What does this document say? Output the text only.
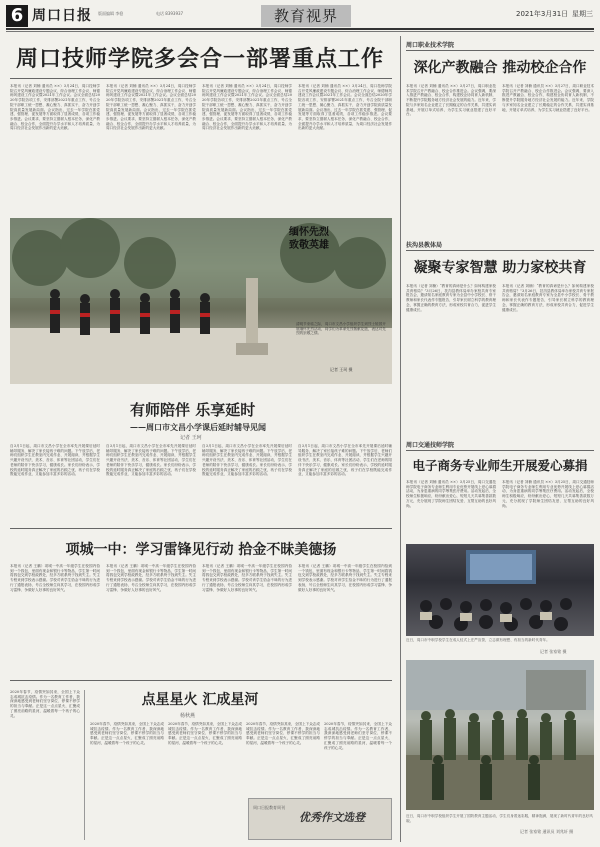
6 周口日报 版面编辑 李稳	电话 8393937	教育视界	2021年3月31日 星期三
周口技师学院多会合一部署重点工作
本报讯（记者 刘楠 通讯员 ××）3月24日，周口技师学院召开党风廉政建设专题会议、综合治理工作会议、师德师风建设工作会议暨2021年工作会议。会议全面总结2020年学院各项工作，安排部署2021年重点工作，号召全院干部职工统一思想、凝心聚力、真抓实干，奋力开创学院高质量发展新局面。会议指出，过去一年学院在抓党建、强管理、促发展等方面取得了显著成绩，各项工作稳步推进。会议要求，要坚持立德树人根本任务，深化产教融合、校企合作，全面提升办学水平和人才培养质量，为周口经济社会发展作出新的更大贡献。
本报讯（记者 刘楠 通讯员 ××）3月24日，周口技师学院召开党风廉政建设专题会议、综合治理工作会议、师德师风建设工作会议暨2021年工作会议。会议全面总结2020年学院各项工作，安排部署2021年重点工作，号召全院干部职工统一思想、凝心聚力、真抓实干，奋力开创学院高质量发展新局面。会议指出，过去一年学院在抓党建、强管理、促发展等方面取得了显著成绩，各项工作稳步推进。会议要求，要坚持立德树人根本任务，深化产教融合、校企合作，全面提升办学水平和人才培养质量，为周口经济社会发展作出新的更大贡献。
本报讯（记者 刘楠 通讯员 ××）3月24日，周口技师学院召开党风廉政建设专题会议、综合治理工作会议、师德师风建设工作会议暨2021年工作会议。会议全面总结2020年学院各项工作，安排部署2021年重点工作，号召全院干部职工统一思想、凝心聚力、真抓实干，奋力开创学院高质量发展新局面。会议指出，过去一年学院在抓党建、强管理、促发展等方面取得了显著成绩，各项工作稳步推进。会议要求，要坚持立德树人根本任务，深化产教融合、校企合作，全面提升办学水平和人才培养质量，为周口经济社会发展作出新的更大贡献。
本报讯（记者 刘楠 通讯员 ××）3月24日，周口技师学院召开党风廉政建设专题会议、综合治理工作会议、师德师风建设工作会议暨2021年工作会议。会议全面总结2020年学院各项工作，安排部署2021年重点工作，号召全院干部职工统一思想、凝心聚力、真抓实干，奋力开创学院高质量发展新局面。会议指出，过去一年学院在抓党建、强管理、促发展等方面取得了显著成绩，各项工作稳步推进。会议要求，要坚持立德树人根本任务，深化产教融合、校企合作，全面提升办学水平和人才培养质量，为周口经济社会发展作出新的更大贡献。
缅怀先烈
致敬英雄
清明节来临之际，周口市文昌小学组织学生到烈士陵园开展缅怀先烈活动，同学们为革命先烈敬献花篮，表达对先烈的崇敬之情。
记者 王珂 摄
有师陪伴 乐享延时
——周口市文昌小学课后延时辅导见闻
记者 王珂
自3月1日起，周口市文昌小学在全市率先开展课后延时辅导服务，解决了家长接孩子难的问题。下午放学后，老师们组织学生在教室内完成作业、开展阅读，并根据学生兴趣开设书法、美术、音乐、体育等社团活动，学生们在老师的陪伴下快乐学习，健康成长。家长们纷纷表示，学校的延时服务真正解决了家庭的后顾之忧，孩子们在学校既能完成作业，又能参加丰富多彩的活动。
自3月1日起，周口市文昌小学在全市率先开展课后延时辅导服务，解决了家长接孩子难的问题。下午放学后，老师们组织学生在教室内完成作业、开展阅读，并根据学生兴趣开设书法、美术、音乐、体育等社团活动，学生们在老师的陪伴下快乐学习，健康成长。家长们纷纷表示，学校的延时服务真正解决了家庭的后顾之忧，孩子们在学校既能完成作业，又能参加丰富多彩的活动。
自3月1日起，周口市文昌小学在全市率先开展课后延时辅导服务，解决了家长接孩子难的问题。下午放学后，老师们组织学生在教室内完成作业、开展阅读，并根据学生兴趣开设书法、美术、音乐、体育等社团活动，学生们在老师的陪伴下快乐学习，健康成长。家长们纷纷表示，学校的延时服务真正解决了家庭的后顾之忧，孩子们在学校既能完成作业，又能参加丰富多彩的活动。
自3月1日起，周口市文昌小学在全市率先开展课后延时辅导服务，解决了家长接孩子难的问题。下午放学后，老师们组织学生在教室内完成作业、开展阅读，并根据学生兴趣开设书法、美术、音乐、体育等社团活动，学生们在老师的陪伴下快乐学习，健康成长。家长们纷纷表示，学校的延时服务真正解决了家庭的后顾之忧，孩子们在学校既能完成作业，又能参加丰富多彩的活动。
项城一中：学习雷锋见行动 拾金不昧美德扬
本报讯（记者 王鹏）项城一中高一年级学生在校园内拾到一个钱包，里面有现金和银行卡等物品，学生第一时间将钱包交到学校政教处，经多方联系终于找到失主。失主专程来到学校表示感谢。学校对该学生拾金不昧的行为进行了通报表扬，号召全校师生向其学习，在校园内形成学习雷锋、争做好人好事的良好风气。
本报讯（记者 王鹏）项城一中高一年级学生在校园内拾到一个钱包，里面有现金和银行卡等物品，学生第一时间将钱包交到学校政教处，经多方联系终于找到失主。失主专程来到学校表示感谢。学校对该学生拾金不昧的行为进行了通报表扬，号召全校师生向其学习，在校园内形成学习雷锋、争做好人好事的良好风气。
本报讯（记者 王鹏）项城一中高一年级学生在校园内拾到一个钱包，里面有现金和银行卡等物品，学生第一时间将钱包交到学校政教处，经多方联系终于找到失主。失主专程来到学校表示感谢。学校对该学生拾金不昧的行为进行了通报表扬，号召全校师生向其学习，在校园内形成学习雷锋、争做好人好事的良好风气。
本报讯（记者 王鹏）项城一中高一年级学生在校园内拾到一个钱包，里面有现金和银行卡等物品，学生第一时间将钱包交到学校政教处，经多方联系终于找到失主。失主专程来到学校表示感谢。学校对该学生拾金不昧的行为进行了通报表扬，号召全校师生向其学习，在校园内形成学习雷锋、争做好人好事的良好风气。
2020年春节，疫情突如其来，全国上下众志成城抗击疫情。作为一名教育工作者，我深深地感受到老师们坚守岗位、停课不停学的担当与奉献。正是这一点点星火，汇聚成了照亮前路的星河，温暖着每一个孩子的心灵。
点星星火 汇成星河
杨秋燕
2020年春节，疫情突如其来，全国上下众志成城抗击疫情。作为一名教育工作者，我深深地感受到老师们坚守岗位、停课不停学的担当与奉献。正是这一点点星火，汇聚成了照亮前路的星河，温暖着每一个孩子的心灵。
2020年春节，疫情突如其来，全国上下众志成城抗击疫情。作为一名教育工作者，我深深地感受到老师们坚守岗位、停课不停学的担当与奉献。正是这一点点星火，汇聚成了照亮前路的星河，温暖着每一个孩子的心灵。
2020年春节，疫情突如其来，全国上下众志成城抗击疫情。作为一名教育工作者，我深深地感受到老师们坚守岗位、停课不停学的担当与奉献。正是这一点点星火，汇聚成了照亮前路的星河，温暖着每一个孩子的心灵。
2020年春节，疫情突如其来，全国上下众志成城抗击疫情。作为一名教育工作者，我深深地感受到老师们坚守岗位、停课不停学的担当与奉献。正是这一点点星火，汇聚成了照亮前路的星河，温暖着每一个孩子的心灵。
周口日报教育周刊
优秀作文选登
周口职业技术学院
深化产教融合 推动校企合作
本报讯（记者 刘楠 通讯员 ××）3月27日，周口职业技术学院召开产教融合、校企合作推进会。会议强调，要深入推进产教融合、校企合作，构建校企协同育人新机制，不断提升学院服务地方经济社会发展的能力。近年来，学院与多家知名企业建立了长期稳定的合作关系，共建实训基地，开展订单式培养，为学生实习就业搭建了良好平台。
本报讯（记者 刘楠 通讯员 ××）3月27日，周口职业技术学院召开产教融合、校企合作推进会。会议强调，要深入推进产教融合、校企合作，构建校企协同育人新机制，不断提升学院服务地方经济社会发展的能力。近年来，学院与多家知名企业建立了长期稳定的合作关系，共建实训基地，开展订单式培养，为学生实习就业搭建了良好平台。
扶沟县教体局
凝聚专家智慧 助力家校共育
本报讯（记者 刘楠）“教育的真谛是什么？如何构建家校共育格局？”3月26日，扶沟县教体局举办家校共育专家报告会，邀请知名家庭教育专家为全县中小学校长、骨干教师和家长代表作专题报告，引导家长树立科学的教育理念，掌握正确的教育方法，形成家校共育合力，促进学生健康成长。
本报讯（记者 刘楠）“教育的真谛是什么？如何构建家校共育格局？”3月26日，扶沟县教体局举办家校共育专家报告会，邀请知名家庭教育专家为全县中小学校长、骨干教师和家长代表作专题报告，引导家长树立科学的教育理念，掌握正确的教育方法，形成家校共育合力，促进学生健康成长。
周口交通技师学院
电子商务专业师生开展爱心募捐
本报讯（记者 刘楠 通讯员 ××）3月25日，周口交通技师学院电子商务专业师生利用专业优势开展线上爱心募捐活动，为身患重病的同学筹集医疗费用。活动发起后，全校师生积极响应，纷纷献出爱心，短短几天共募集善款数万元，充分展现了学院师生团结友爱、互帮互助的良好风尚。
本报讯（记者 刘楠 通讯员 ××）3月25日，周口交通技师学院电子商务专业师生利用专业优势开展线上爱心募捐活动，为身患重病的同学筹集医疗费用。活动发起后，全校师生积极响应，纷纷献出爱心，短短几天共募集善款数万元，充分展现了学院师生团结友爱、互帮互助的良好风尚。
近日，周口市中职学校学生在成人仪式上庄严宣誓，立志做有理想、有担当的新时代青年。
记者 张家铭 摄
近日，周口市中职学校组织学生开展了国防教育主题活动，学生们身着迷彩服，精神饱满，展现了新时代青年的良好风貌。
记者 张家铭 通讯员 刘兆轩 摄
